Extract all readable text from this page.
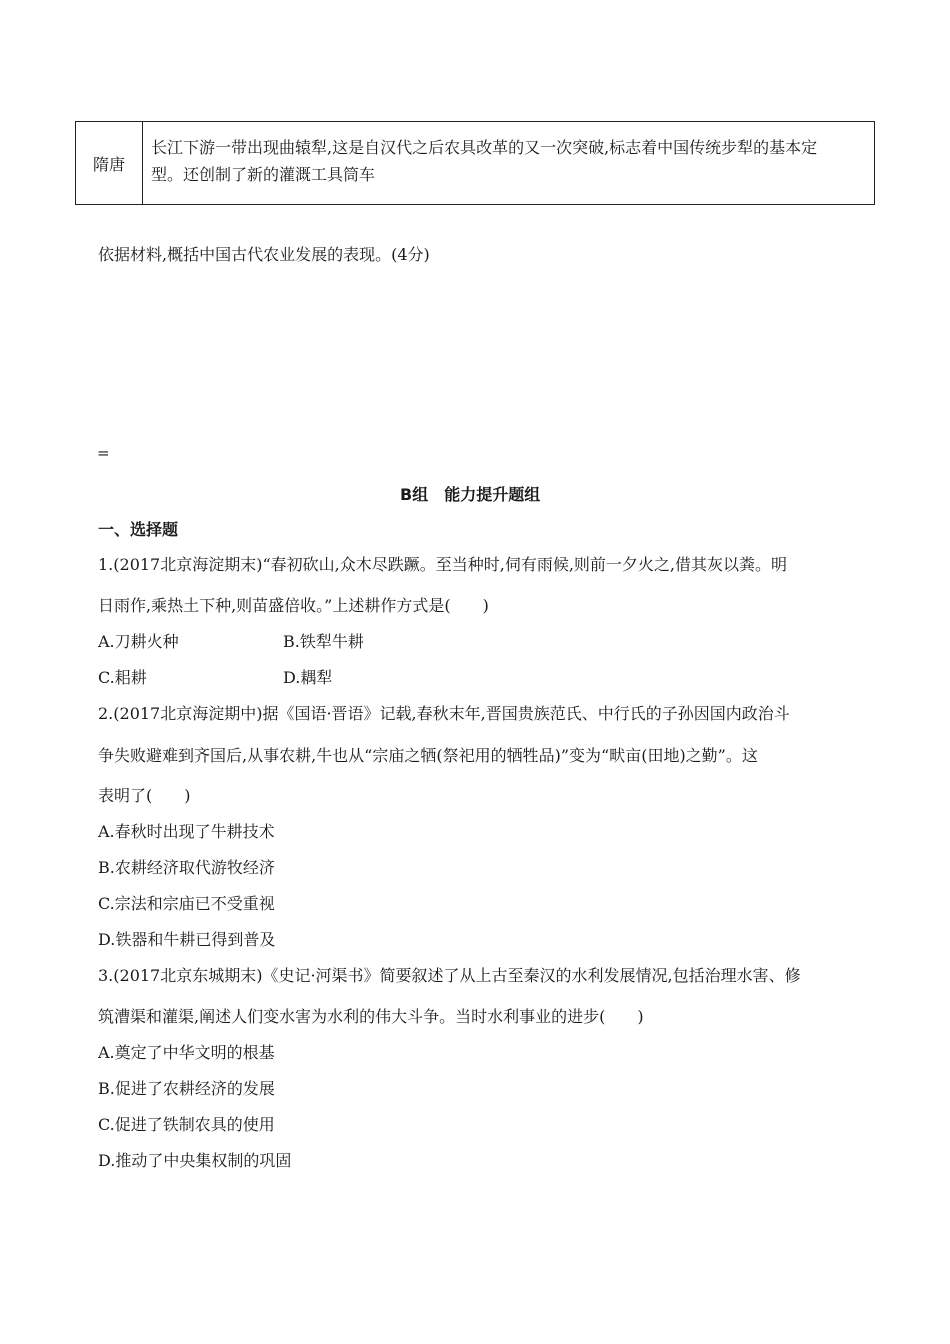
隋唐	
长江下游一带出现曲辕犁,这是自汉代之后农具改革的又一次突破,标志着中国传统步犁的基本定
型。还创制了新的灌溉工具筒车
依据材料,概括中国古代农业发展的表现。(4分)
=
B组　能力提升题组
一、选择题
1.(2017北京海淀期末)“春初砍山,众木尽跌蹶。至当种时,伺有雨候,则前一夕火之,借其灰以粪。明
日雨作,乘热土下种,则苗盛倍收。”上述耕作方式是(　　)
A.刀耕火种	B.铁犁牛耕
C.耜耕	D.耦犁
2.(2017北京海淀期中)据《国语·晋语》记载,春秋末年,晋国贵族范氏、中行氏的子孙因国内政治斗
争失败避难到齐国后,从事农耕,牛也从“宗庙之牺(祭祀用的牺牲品)”变为“畎亩(田地)之勤”。这
表明了(　　)
A.春秋时出现了牛耕技术
B.农耕经济取代游牧经济
C.宗法和宗庙已不受重视
D.铁器和牛耕已得到普及
3.(2017北京东城期末)《史记·河渠书》简要叙述了从上古至秦汉的水利发展情况,包括治理水害、修
筑漕渠和灌渠,阐述人们变水害为水利的伟大斗争。当时水利事业的进步(　　)
A.奠定了中华文明的根基
B.促进了农耕经济的发展
C.促进了铁制农具的使用
D.推动了中央集权制的巩固
